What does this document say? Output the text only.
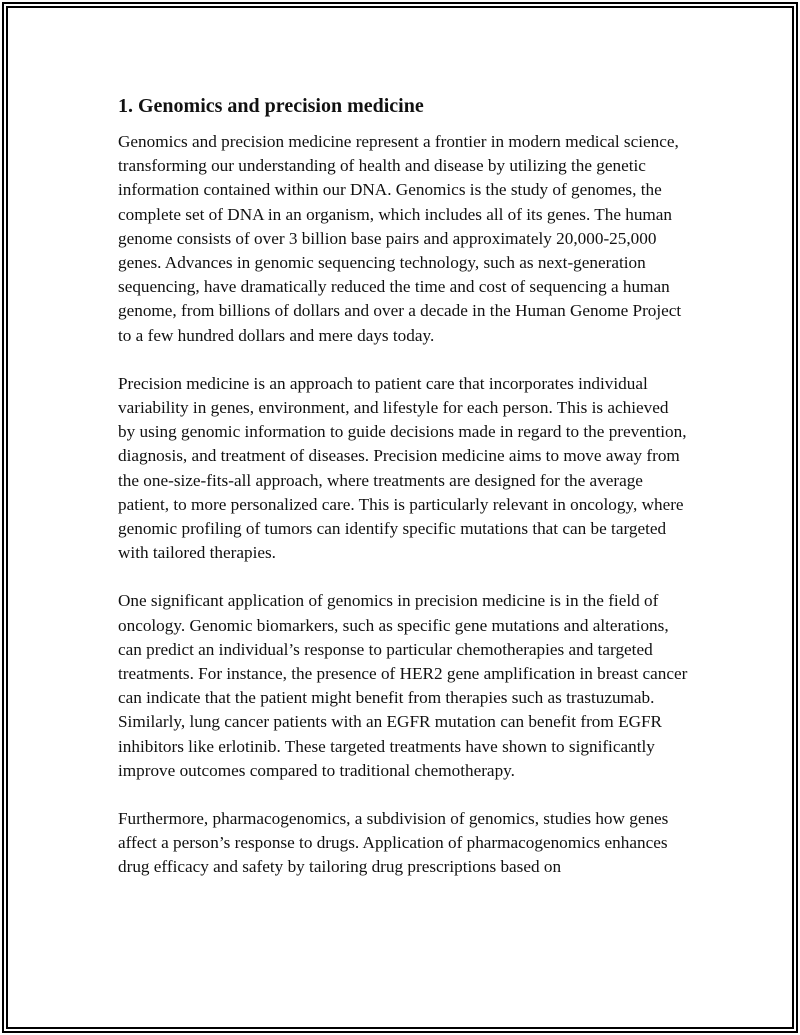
1. Genomics and precision medicine

Genomics and precision medicine represent a frontier in modern medical science, transforming our understanding of health and disease by utilizing the genetic information contained within our DNA. Genomics is the study of genomes, the complete set of DNA in an organism, which includes all of its genes. The human genome consists of over 3 billion base pairs and approximately 20,000-25,000 genes. Advances in genomic sequencing technology, such as next-generation sequencing, have dramatically reduced the time and cost of sequencing a human genome, from billions of dollars and over a decade in the Human Genome Project to a few hundred dollars and mere days today.

Precision medicine is an approach to patient care that incorporates individual variability in genes, environment, and lifestyle for each person. This is achieved by using genomic information to guide decisions made in regard to the prevention, diagnosis, and treatment of diseases. Precision medicine aims to move away from the one-size-fits-all approach, where treatments are designed for the average patient, to more personalized care. This is particularly relevant in oncology, where genomic profiling of tumors can identify specific mutations that can be targeted with tailored therapies.

One significant application of genomics in precision medicine is in the field of oncology. Genomic biomarkers, such as specific gene mutations and alterations, can predict an individual’s response to particular chemotherapies and targeted treatments. For instance, the presence of HER2 gene amplification in breast cancer can indicate that the patient might benefit from therapies such as trastuzumab. Similarly, lung cancer patients with an EGFR mutation can benefit from EGFR inhibitors like erlotinib. These targeted treatments have shown to significantly improve outcomes compared to traditional chemotherapy.

Furthermore, pharmacogenomics, a subdivision of genomics, studies how genes affect a person’s response to drugs. Application of pharmacogenomics enhances drug efficacy and safety by tailoring drug prescriptions based on
